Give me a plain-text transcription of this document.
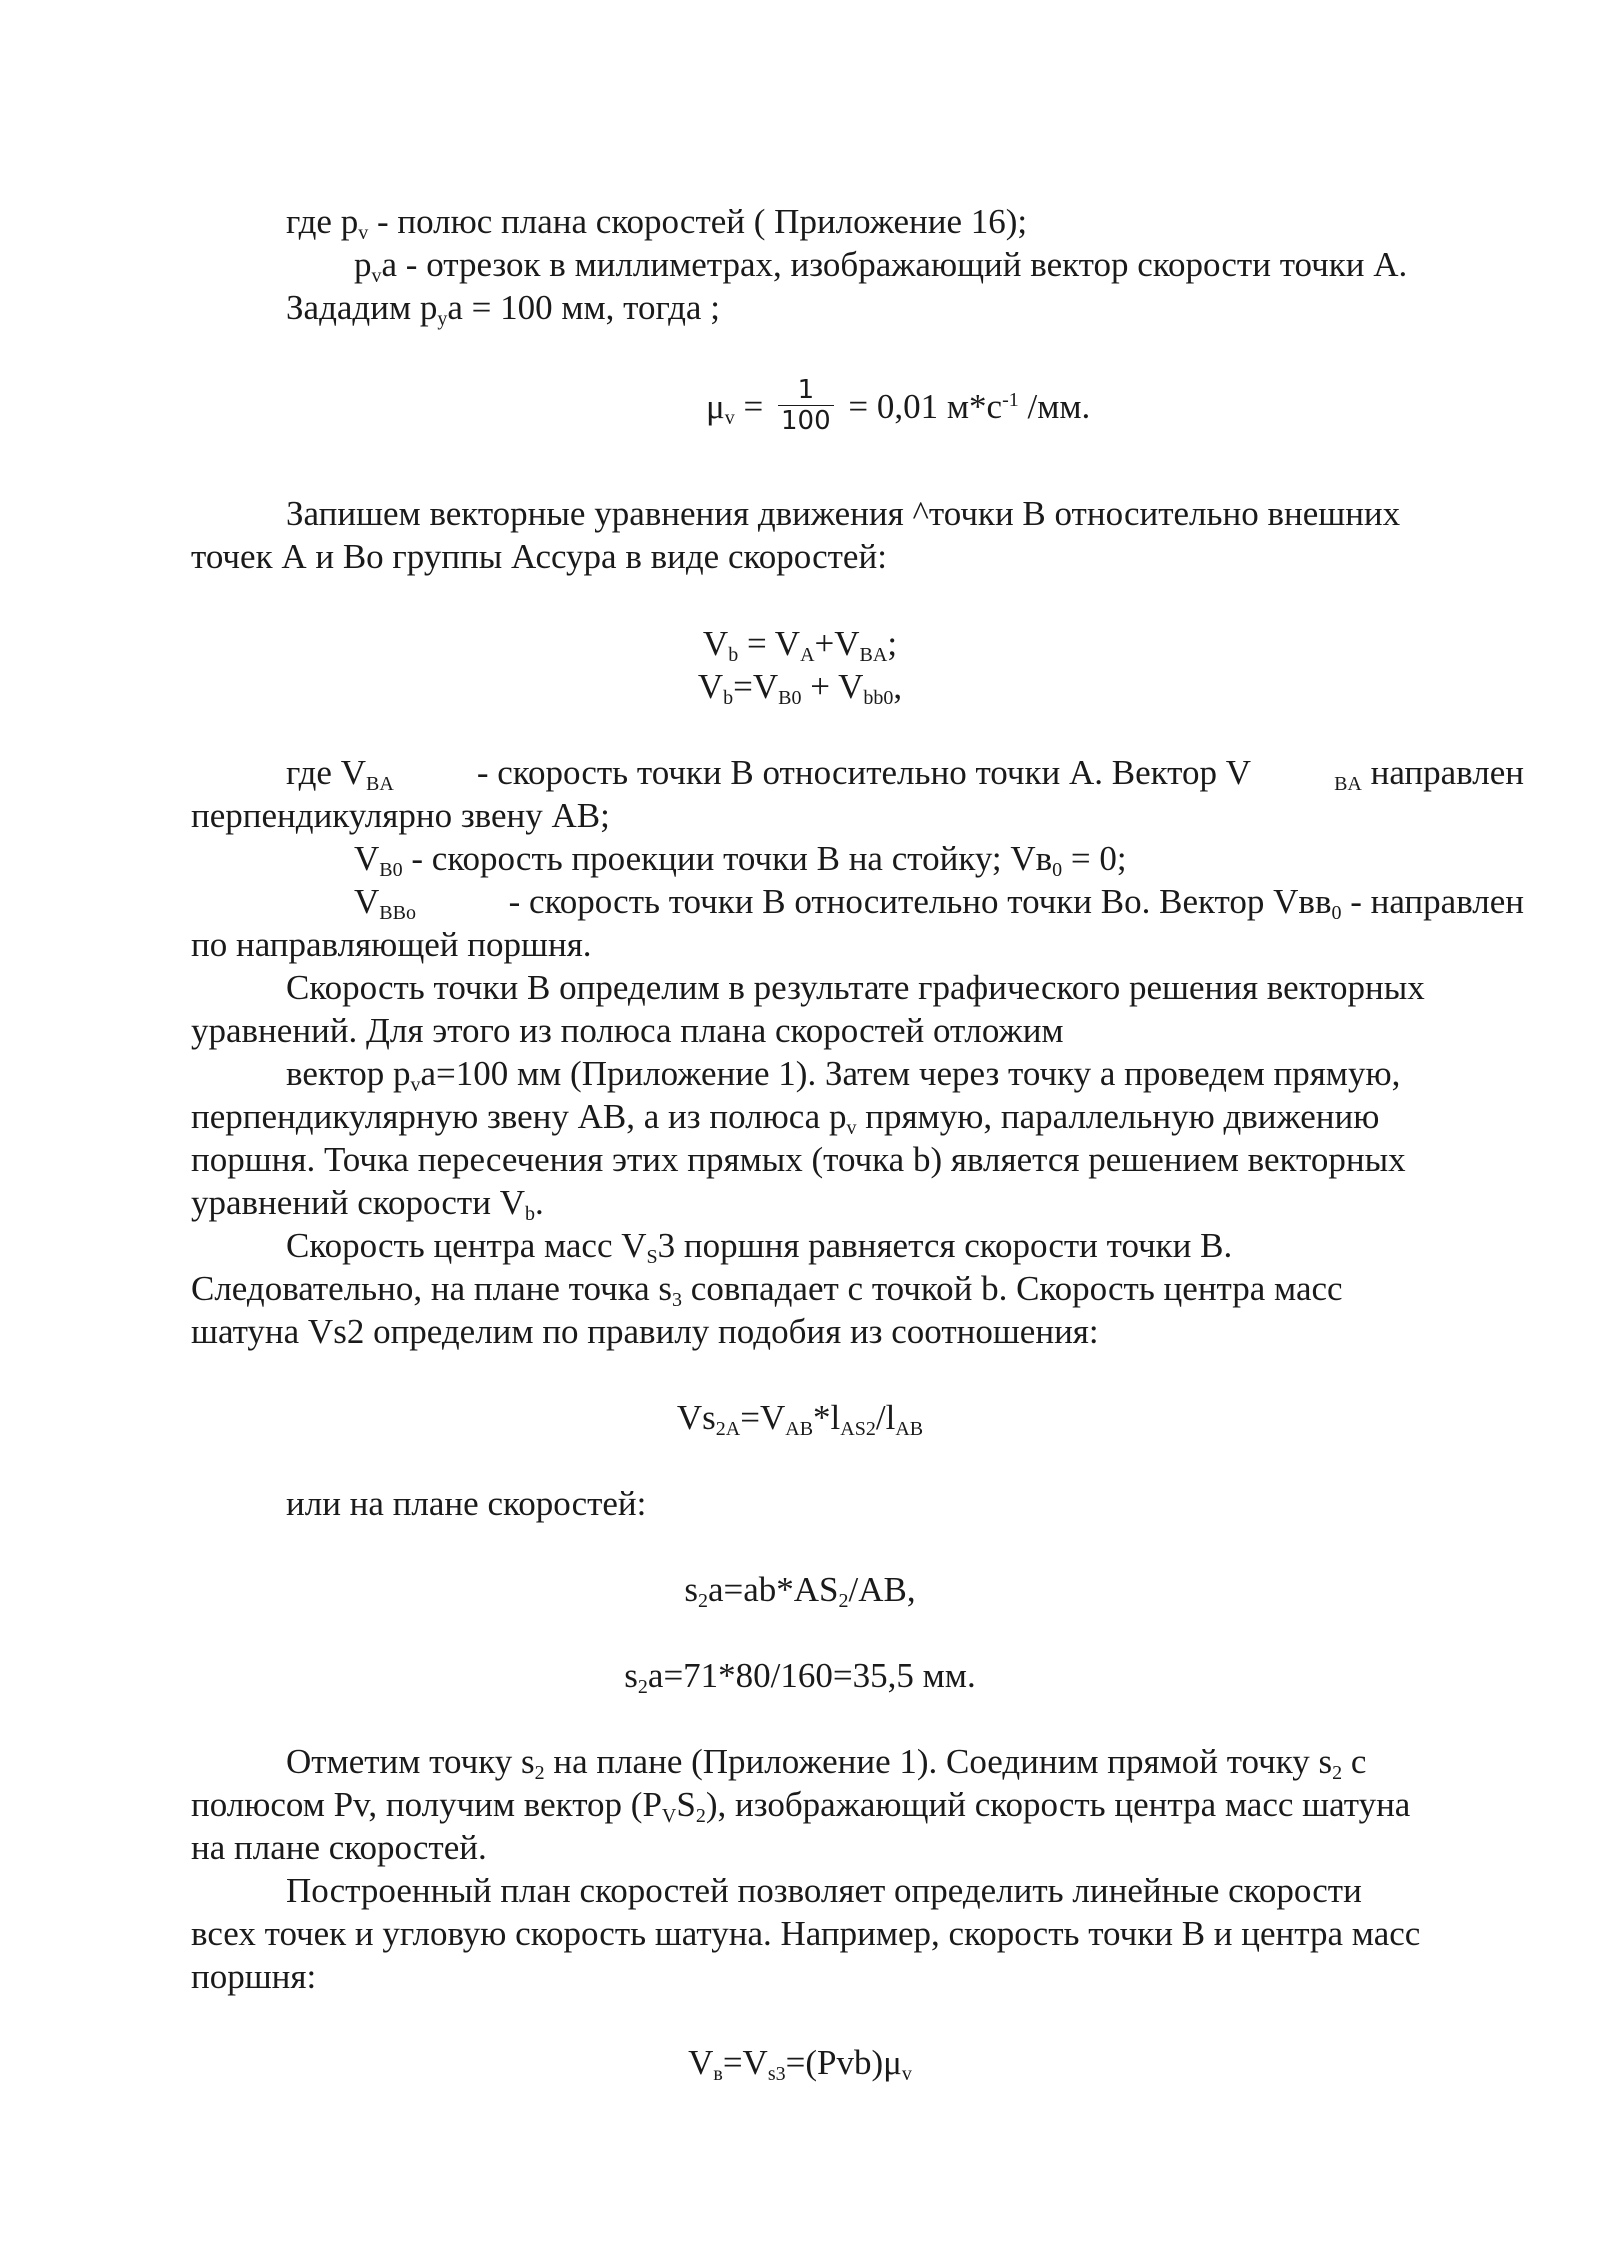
где $р_v$ - полюс плана скоростей ( Приложение 16);
$р_vа$ - отрезок в миллиметрах, изображающий вектор скорости точки А.
Зададим $р_уа = 100$ мм, тогда ;
$\mu_v = \frac{1}{100} = 0,01$ $м*с^{-1}$ /мм.
Запишем векторные уравнения движения ^точки В относительно внешних
точек А и Во группы Ассура в виде скоростей:
$V_b = V_A+V_{BA}$;
$V_b=V_{B0} + V_{bb0}$,
где $V_{BA}$ - скорость точки В относительно точки А. Вектор V	$_{BA}$ направлен
перпендикулярно звену АВ;
$V_{B0}$ - скорость проекции точки В на стойку; $Vв_0 = 0$;
$V_{BBo}$	- скорость точки В относительно точки Во. Вектор Vвв$_0$ - направлен
по направляющей поршня.
Скорость точки В определим в результате графического решения векторных
уравнений. Для этого из полюса плана скоростей отложим
вектор $р_vа=100$ мм (Приложение 1). Затем через точку а проведем прямую,
перпендикулярную звену АВ, а из полюса $р_v$ прямую, параллельную движению
поршня. Точка пересечения этих прямых (точка b) является решением векторных
уравнений скорости $V_b$.
Скорость центра масс $V_S3$ поршня равняется скорости точки В.
Следовательно, на плане точка $s_3$ совпадает с точкой b. Скорость центра масс
шатуна Vs2 определим по правилу подобия из соотношения:
$Vs_{2A}=V_{AB}*l_{AS2}/l_{AB}$
или на плане скоростей:
$s_2a=ab*AS_2/AB$,
$s_2a=71*80/160=35,5$ мм.
Отметим точку $s_2$ на плане (Приложение 1). Соединим прямой точку $s_2$ с
полюсом Pv, получим вектор $(P_VS_2)$, изображающий скорость центра масс шатуна
на плане скоростей.
Построенный план скоростей позволяет определить линейные скорости
всех точек и угловую скорость шатуна. Например, скорость точки В и центра масс
поршня:
$V_в=V_{s3}=(Pvb)\mu_v$
